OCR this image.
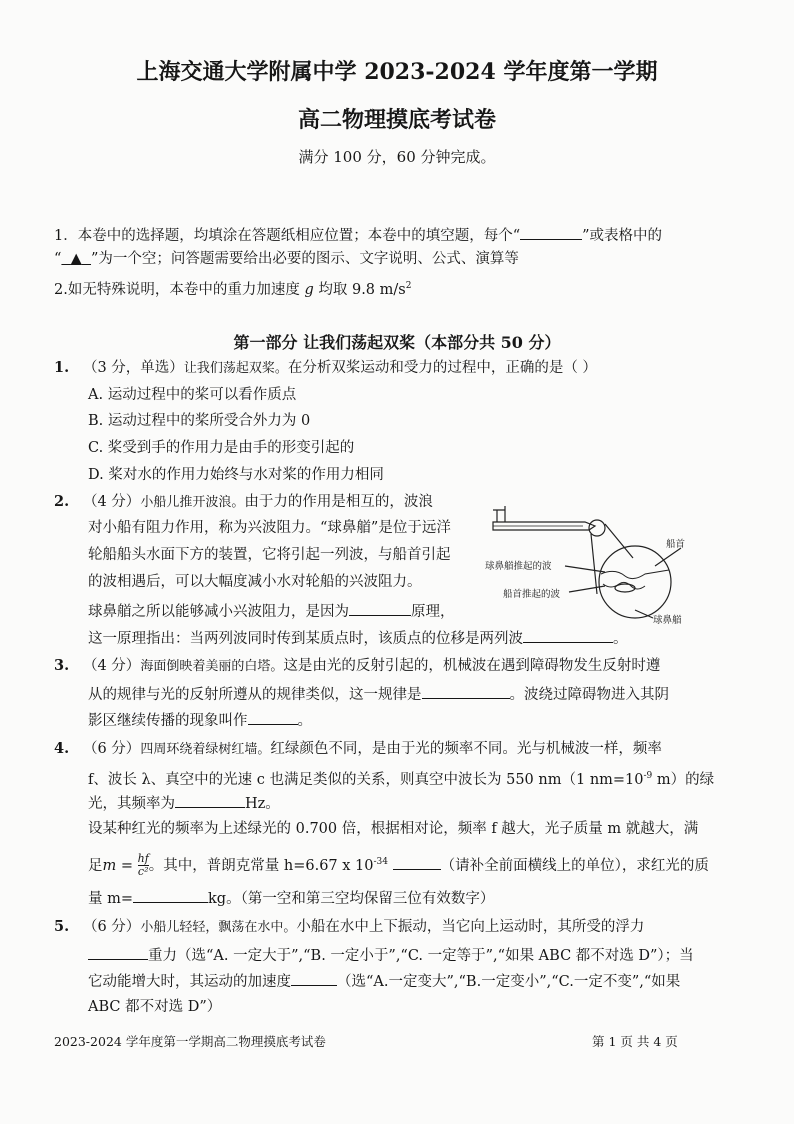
上海交通大学附属中学 2023-2024 学年度第一学期
高二物理摸底考试卷
满分 100 分，60 分钟完成。
1．本卷中的选择题，均填涂在答题纸相应位置；本卷中的填空题，每个“	”或表格中的
“ ▲ ”为一个空；问答题需要给出必要的图示、文字说明、公式、演算等
2.如无特殊说明，本卷中的重力加速度 g 均取 9.8 $m/s^2$
第一部分 让我们荡起双桨（本部分共 50 分）
1. （3 分，单选）让我们荡起双桨。在分析双桨运动和受力的过程中，正确的是（ ）
A. 运动过程中的桨可以看作质点
B. 运动过程中的桨所受合外力为 0
C. 桨受到手的作用力是由手的形变引起的
D. 桨对水的作用力始终与水对桨的作用力相同
2. （4 分）小船儿推开波浪。由于力的作用是相互的，波浪
对小船有阻力作用，称为兴波阻力。“球鼻艏”是位于远洋
轮船船头水面下方的装置，它将引起一列波，与船首引起
的波相遇后，可以大幅度减小水对轮船的兴波阻力。
球鼻艏之所以能够减小兴波阻力，是因为	原理，
这一原理指出：当两列波同时传到某质点时，该质点的位移是两列波	。
球鼻艏推起的波
船首
船首推起的波
球鼻艏
3. （4 分）海面倒映着美丽的白塔。这是由光的反射引起的，机械波在遇到障碍物发生反射时遵
从的规律与光的反射所遵从的规律类似，这一规律是	。波绕过障碍物进入其阴
影区继续传播的现象叫作	。
4. （6 分）四周环绕着绿树红墙。红绿颜色不同，是由于光的频率不同。光与机械波一样，频率
f、波长 λ、真空中的光速 c 也满足类似的关系，则真空中波长为 550 nm（1 $nm=10^{-9}$ m）的绿
光，其频率为	Hz。
设某种红光的频率为上述绿光的 0.700 倍，根据相对论，频率 f 越大，光子质量 m 就越大，满
足$m = \frac{hf}{\text{c²}}$ 。其中，普朗克常量 h=6.67 x $10^{-34}$	（请补全前面横线上的单位），求红光的质
量 m=	kg。（第一空和第三空均保留三位有效数字）
5. （6 分）小船儿轻轻，飘荡在水中。小船在水中上下振动，当它向上运动时，其所受的浮力
重力（选“A. 一定大于”,“B. 一定小于”,“C. 一定等于”,“如果 ABC 都不对选 D”）；当
它动能增大时，其运动的加速度	（选“A.一定变大”,“B.一定变小”,“C.一定不变”,“如果
ABC 都不对选 D”）
2023-2024 学年度第一学期高二物理摸底考试卷	第 1 页 共 4 页
